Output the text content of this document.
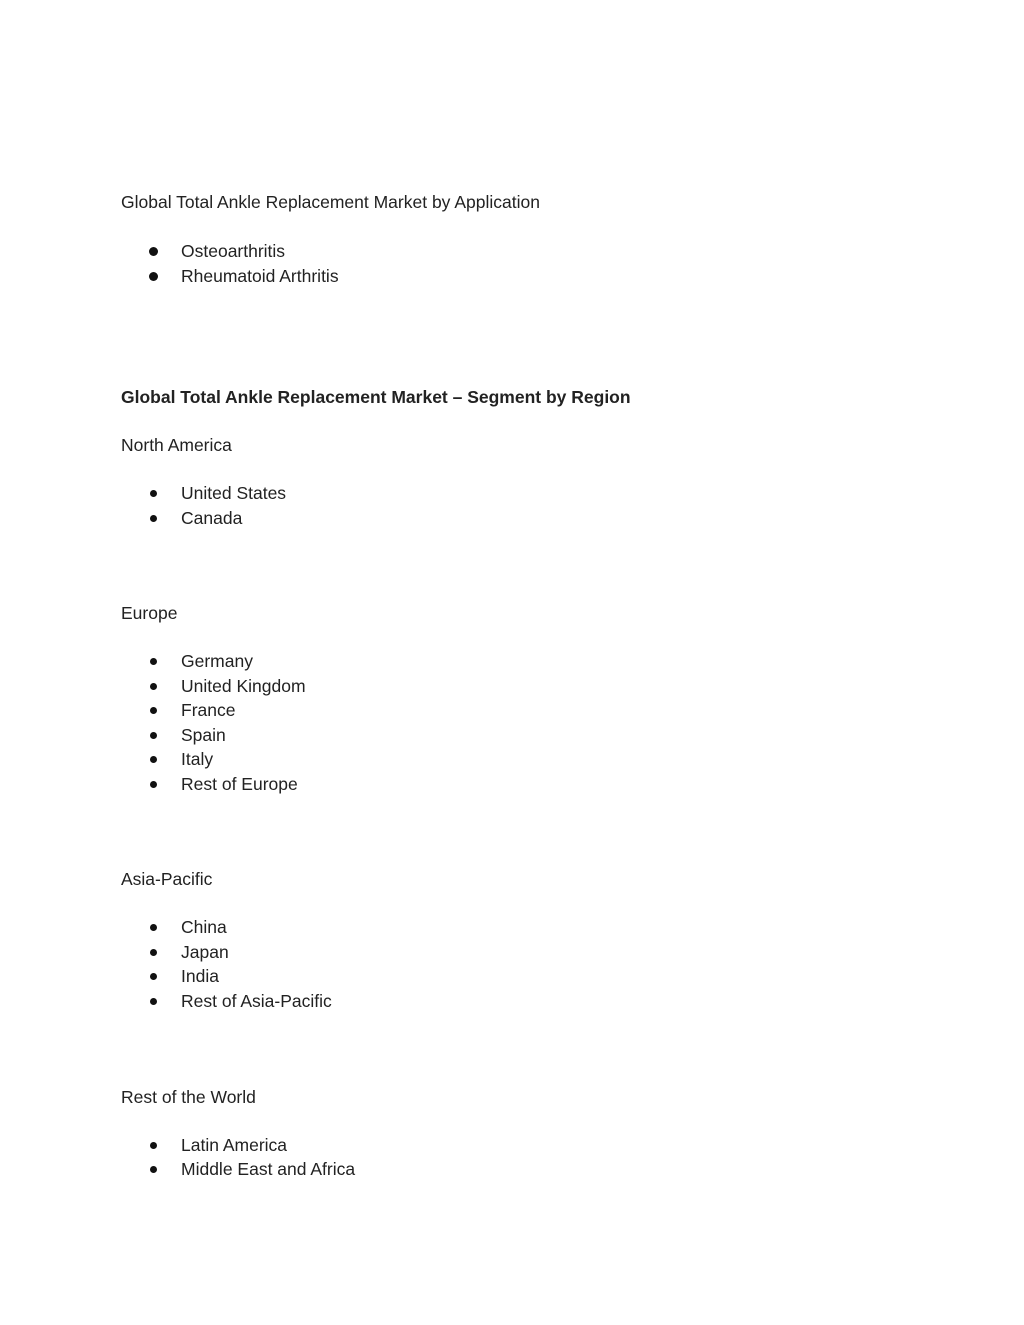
Global Total Ankle Replacement Market by Application
Osteoarthritis
Rheumatoid Arthritis
Global Total Ankle Replacement Market – Segment by Region
North America
United States
Canada
Europe
Germany
United Kingdom
France
Spain
Italy
Rest of Europe
Asia-Pacific
China
Japan
India
Rest of Asia-Pacific
Rest of the World
Latin America
Middle East and Africa
